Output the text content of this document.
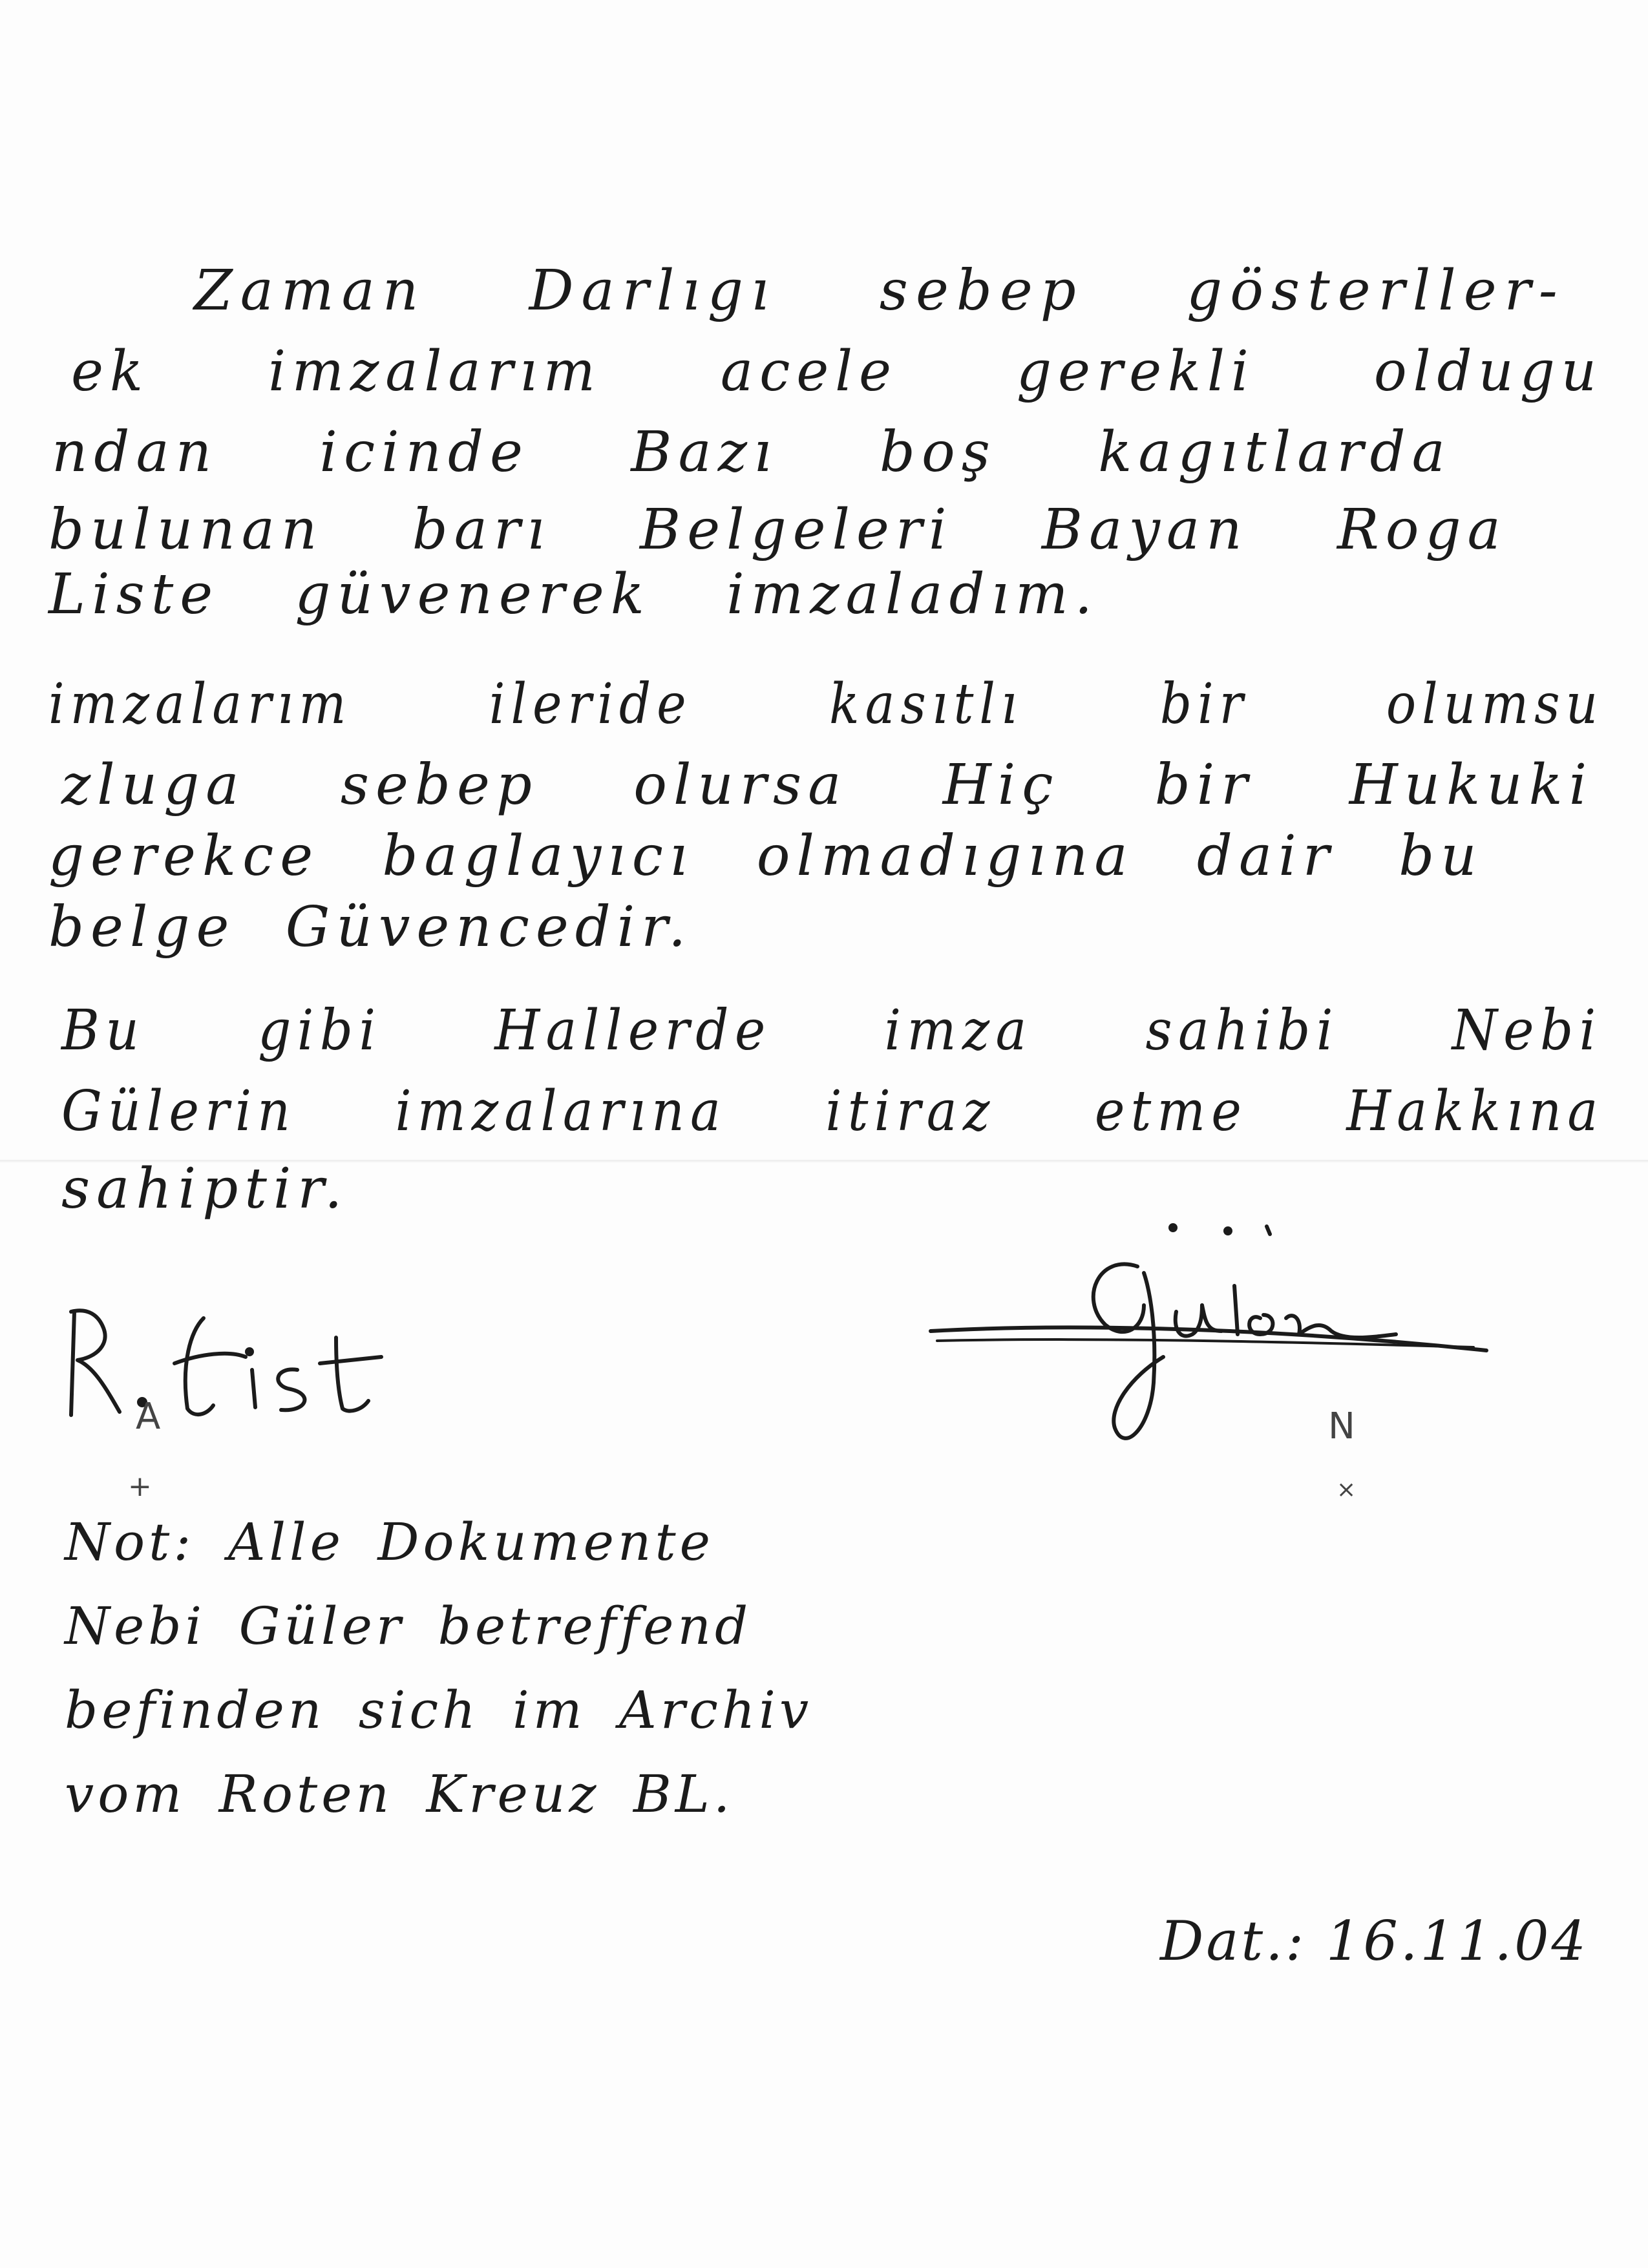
Zaman Darlıgı sebep gösterller-
ek imzalarım acele gerekli oldugu
ndan icinde Bazı boş kagıtlarda
bulunan barı Belgeleri Bayan Roga
Liste güvenerek imzaladım.
imzalarım ileride kasıtlı bir olumsu
zluga sebep olursa Hiç bir Hukuki
gerekce baglayıcı olmadıgına dair bu
belge Güvencedir.
Bu gibi Hallerde imza sahibi Nebi
Gülerin imzalarına itiraz etme Hakkına
sahiptir.
A
+
N
×
Not: Alle Dokumente
Nebi Güler betreffend
befinden sich im Archiv
vom Roten Kreuz BL.
Dat.: 16.11.04
